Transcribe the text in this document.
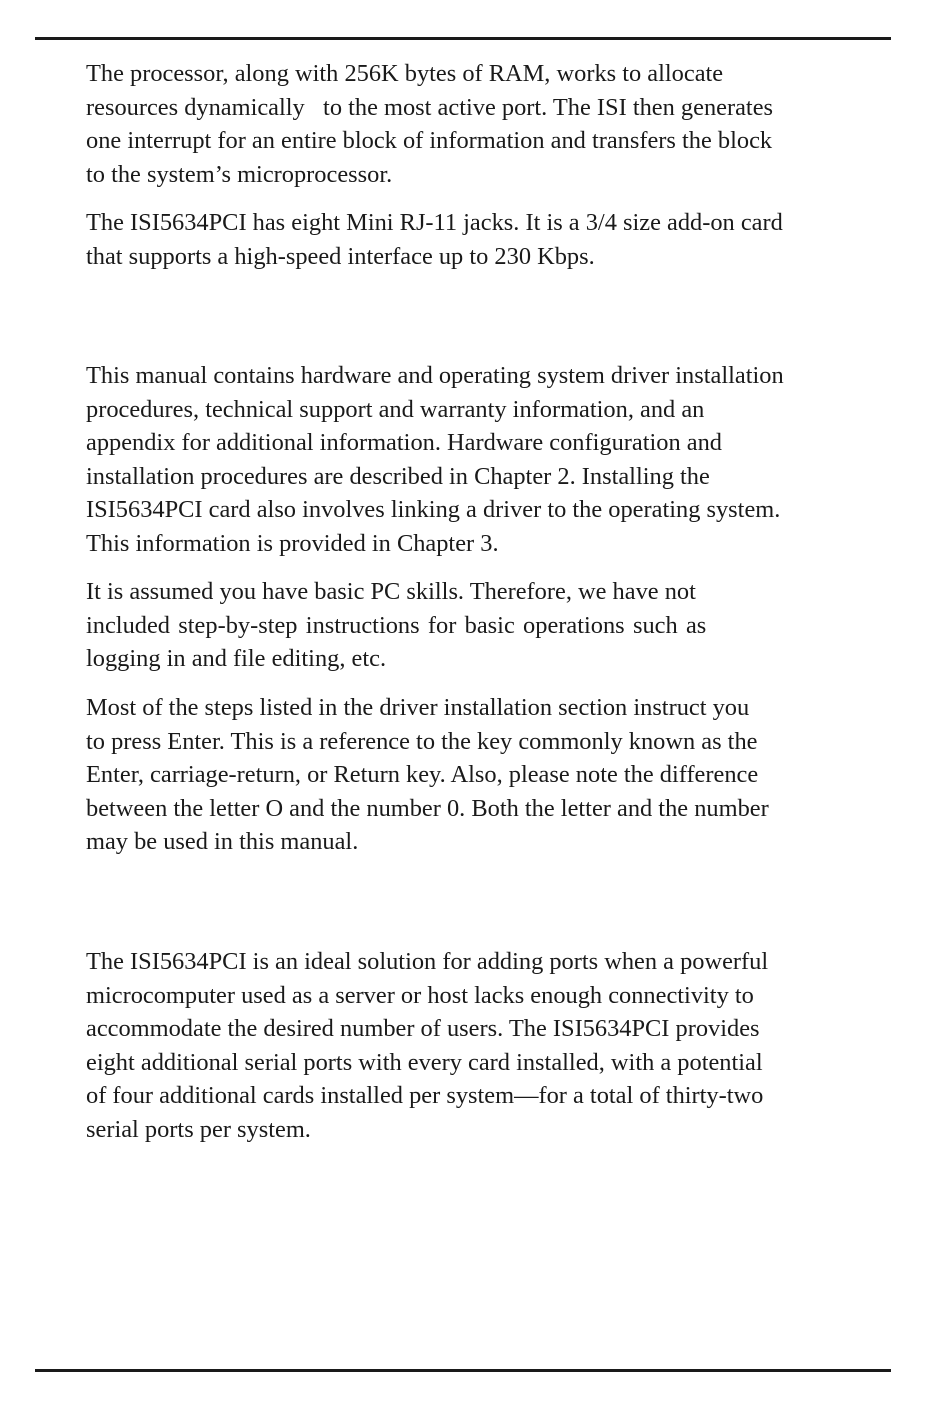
The processor, along with 256K bytes of RAM, works to allocate
resources dynamically   to the most active port. The ISI then generates
one interrupt for an entire block of information and transfers the block
to the system’s microprocessor.

The ISI5634PCI has eight Mini RJ-11 jacks. It is a 3/4 size add-on card
that supports a high-speed interface up to 230 Kbps.

This manual contains hardware and operating system driver installation
procedures, technical support and warranty information, and an
appendix for additional information. Hardware configuration and
installation procedures are described in Chapter 2. Installing the
ISI5634PCI card also involves linking a driver to the operating system.
This information is provided in Chapter 3.

It is assumed you have basic PC skills. Therefore, we have not
included step-by-step instructions for basic operations such as
logging in and file editing, etc.

Most of the steps listed in the driver installation section instruct you
to press Enter. This is a reference to the key commonly known as the
Enter, carriage-return, or Return key. Also, please note the difference
between the letter O and the number 0. Both the letter and the number
may be used in this manual.

The ISI5634PCI is an ideal solution for adding ports when a powerful
microcomputer used as a server or host lacks enough connectivity to
accommodate the desired number of users. The ISI5634PCI provides
eight additional serial ports with every card installed, with a potential
of four additional cards installed per system—for a total of thirty-two
serial ports per system.
